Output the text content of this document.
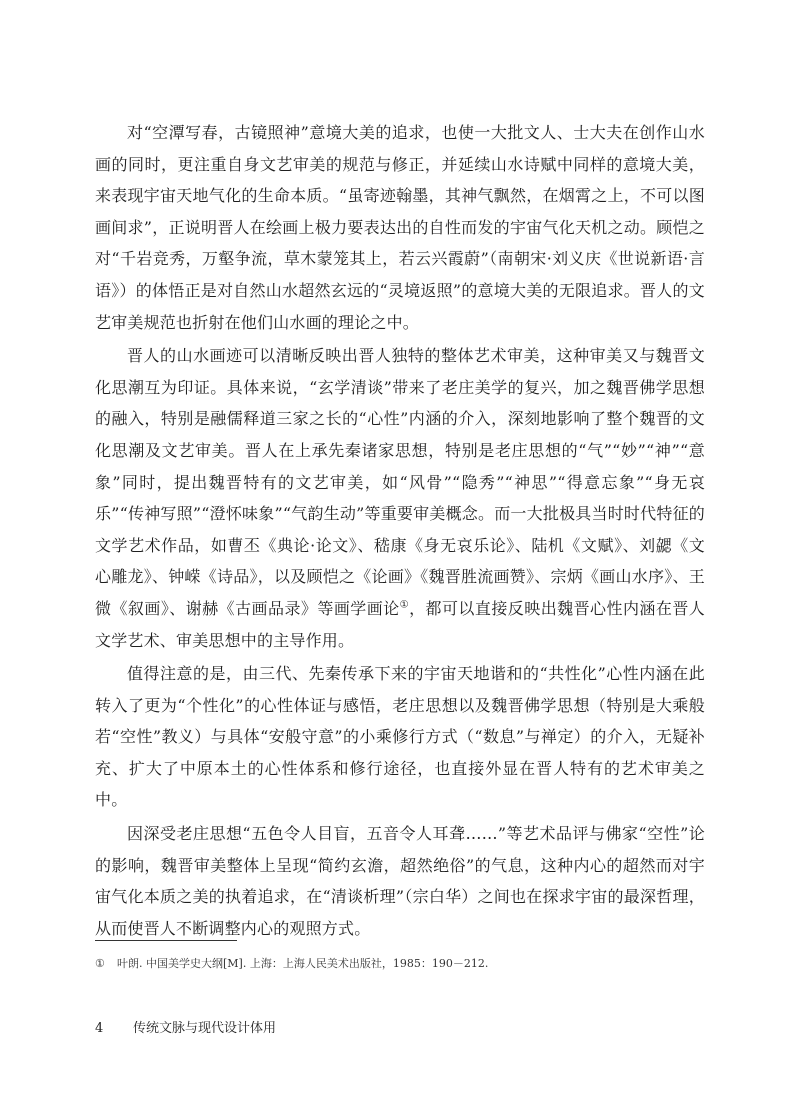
对“空潭写春，古镜照神”意境大美的追求，也使一大批文人、士大夫在创作山水画的同时，更注重自身文艺审美的规范与修正，并延续山水诗赋中同样的意境大美，来表现宇宙天地气化的生命本质。“虽寄迹翰墨，其神气飘然，在烟霄之上，不可以图画间求”，正说明晋人在绘画上极力要表达出的自性而发的宇宙气化天机之动。顾恺之对“千岩竞秀，万壑争流，草木蒙笼其上，若云兴霞蔚”（南朝宋·刘义庆《世说新语·言语》）的体悟正是对自然山水超然玄远的“灵境返照”的意境大美的无限追求。晋人的文艺审美规范也折射在他们山水画的理论之中。

晋人的山水画迹可以清晰反映出晋人独特的整体艺术审美，这种审美又与魏晋文化思潮互为印证。具体来说，“玄学清谈”带来了老庄美学的复兴，加之魏晋佛学思想的融入，特别是融儒释道三家之长的“心性”内涵的介入，深刻地影响了整个魏晋的文化思潮及文艺审美。晋人在上承先秦诸家思想，特别是老庄思想的“气”“妙”“神”“意象”同时，提出魏晋特有的文艺审美，如“风骨”“隐秀”“神思”“得意忘象”“身无哀乐”“传神写照”“澄怀味象”“气韵生动”等重要审美概念。而一大批极具当时时代特征的文学艺术作品，如曹丕《典论·论文》、嵇康《身无哀乐论》、陆机《文赋》、刘勰《文心雕龙》、钟嵘《诗品》，以及顾恺之《论画》《魏晋胜流画赞》、宗炳《画山水序》、王微《叙画》、谢赫《古画品录》等画学画论①，都可以直接反映出魏晋心性内涵在晋人文学艺术、审美思想中的主导作用。

值得注意的是，由三代、先秦传承下来的宇宙天地谐和的“共性化”心性内涵在此转入了更为“个性化”的心性体证与感悟，老庄思想以及魏晋佛学思想（特别是大乘般若“空性”教义）与具体“安般守意”的小乘修行方式（“数息”与禅定）的介入，无疑补充、扩大了中原本土的心性体系和修行途径，也直接外显在晋人特有的艺术审美之中。

因深受老庄思想“五色令人目盲，五音令人耳聋……”等艺术品评与佛家“空性”论的影响，魏晋审美整体上呈现“简约玄澹，超然绝俗”的气息，这种内心的超然而对宇宙气化本质之美的执着追求，在“清谈析理”（宗白华）之间也在探求宇宙的最深哲理，从而使晋人不断调整内心的观照方式。

① 叶朗. 中国美学史大纲[M]. 上海：上海人民美术出版社，1985：190－212.
4 传统文脉与现代设计体用
